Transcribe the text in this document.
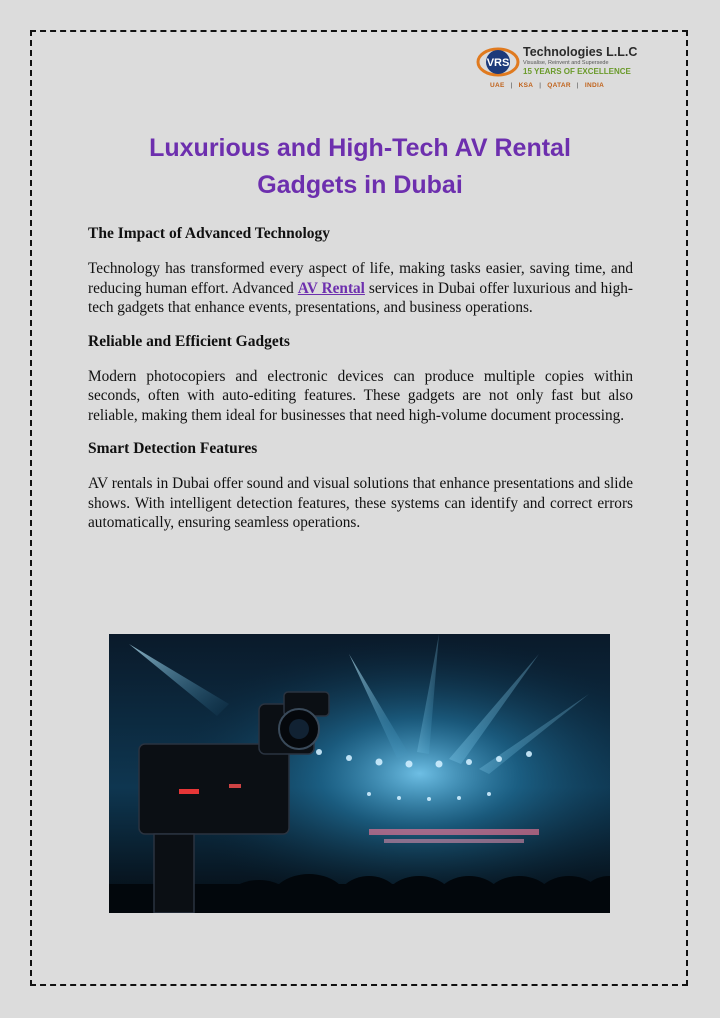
VRS
Technologies L.L.C
Visualise, Reinvent and Supersede
15 YEARS OF EXCELLENCE
UAE | KSA | QATAR | INDIA
Luxurious and High-Tech AV Rental
Gadgets in Dubai
The Impact of Advanced Technology

Technology has transformed every aspect of life, making tasks easier, saving time, and reducing human effort. Advanced AV Rental services in Dubai offer luxurious and high-tech gadgets that enhance events, presentations, and business operations.

Reliable and Efficient Gadgets

Modern photocopiers and electronic devices can produce multiple copies within seconds, often with auto-editing features. These gadgets are not only fast but also reliable, making them ideal for businesses that need high-volume document processing.

Smart Detection Features

AV rentals in Dubai offer sound and visual solutions that enhance presentations and slide shows. With intelligent detection features, these systems can identify and correct errors automatically, ensuring seamless operations.
